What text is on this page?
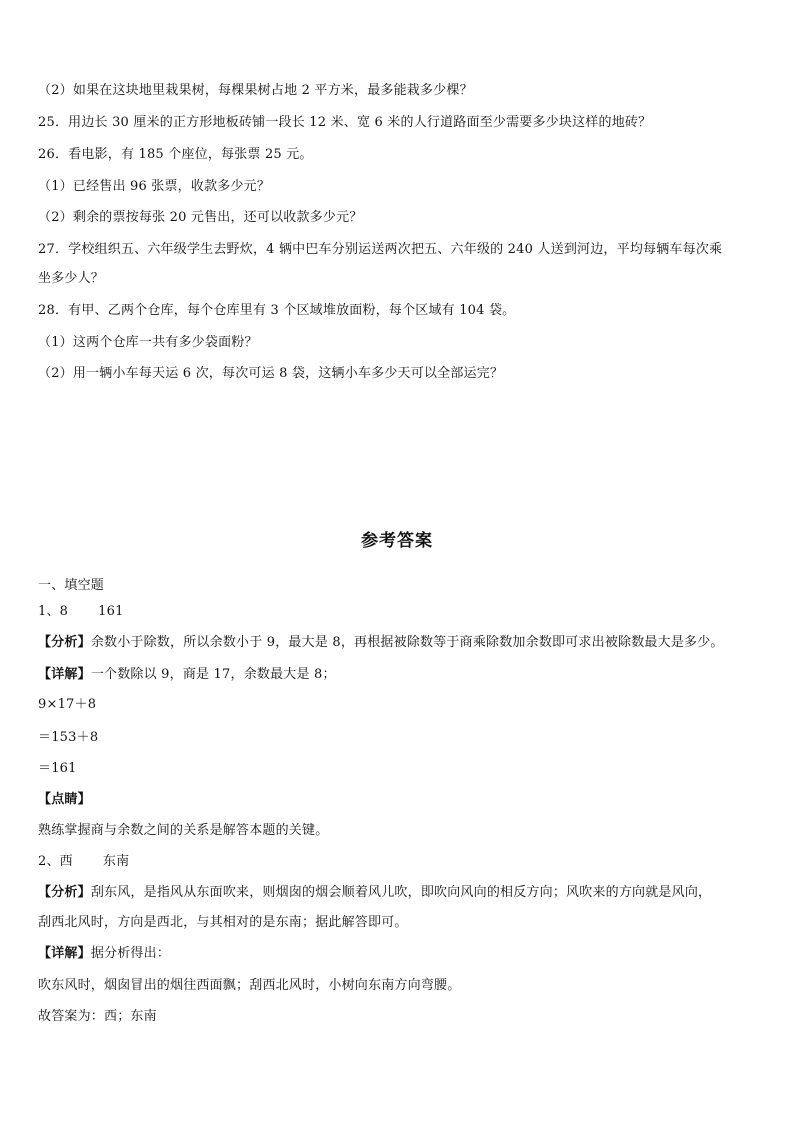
（2）如果在这块地里栽果树，每棵果树占地 2 平方米，最多能栽多少棵？
25．用边长 30 厘米的正方形地板砖铺一段长 12 米、宽 6 米的人行道路面至少需要多少块这样的地砖？
26．看电影，有 185 个座位，每张票 25 元。
（1）已经售出 96 张票，收款多少元？
（2）剩余的票按每张 20 元售出，还可以收款多少元？
27．学校组织五、六年级学生去野炊，4 辆中巴车分别运送两次把五、六年级的 240 人送到河边，平均每辆车每次乘
坐多少人？
28．有甲、乙两个仓库，每个仓库里有 3 个区域堆放面粉，每个区域有 104 袋。
（1）这两个仓库一共有多少袋面粉？
（2）用一辆小车每天运 6 次，每次可运 8 袋，这辆小车多少天可以全部运完？
参考答案
一、填空题
1、8 161
【分析】余数小于除数，所以余数小于 9，最大是 8，再根据被除数等于商乘除数加余数即可求出被除数最大是多少。
【详解】一个数除以 9，商是 17，余数最大是 8；
9×17＋8
＝153＋8
＝161
【点睛】
熟练掌握商与余数之间的关系是解答本题的关键。
2、西 东南
【分析】刮东风，是指风从东面吹来，则烟囱的烟会顺着风儿吹，即吹向风向的相反方向；风吹来的方向就是风向，
刮西北风时，方向是西北，与其相对的是东南；据此解答即可。
【详解】据分析得出：
吹东风时，烟囱冒出的烟往西面飘；刮西北风时，小树向东南方向弯腰。
故答案为：西；东南
